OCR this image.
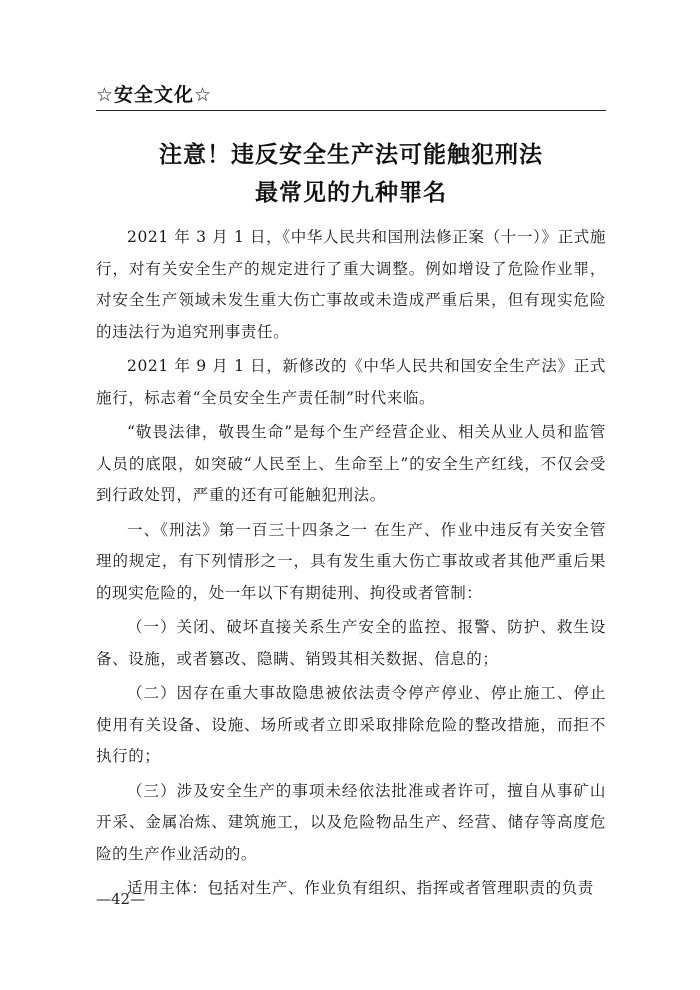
☆安全文化☆
注意！违反安全生产法可能触犯刑法
最常见的九种罪名

2021 年 3 月 1 日，《中华人民共和国刑法修正案（十一）》正式施行，对有关安全生产的规定进行了重大调整。例如增设了危险作业罪，对安全生产领域未发生重大伤亡事故或未造成严重后果，但有现实危险的违法行为追究刑事责任。

2021 年 9 月 1 日，新修改的《中华人民共和国安全生产法》正式施行，标志着“全员安全生产责任制”时代来临。

“敬畏法律，敬畏生命”是每个生产经营企业、相关从业人员和监管人员的底限，如突破“人民至上、生命至上”的安全生产红线，不仅会受到行政处罚，严重的还有可能触犯刑法。

一、《刑法》第一百三十四条之一 在生产、作业中违反有关安全管理的规定，有下列情形之一，具有发生重大伤亡事故或者其他严重后果的现实危险的，处一年以下有期徒刑、拘役或者管制：

（一）关闭、破坏直接关系生产安全的监控、报警、防护、救生设备、设施，或者篡改、隐瞒、销毁其相关数据、信息的；

（二）因存在重大事故隐患被依法责令停产停业、停止施工、停止使用有关设备、设施、场所或者立即采取排除危险的整改措施，而拒不执行的；

（三）涉及安全生产的事项未经依法批准或者许可，擅自从事矿山开采、金属冶炼、建筑施工，以及危险物品生产、经营、储存等高度危险的生产作业活动的。

适用主体：包括对生产、作业负有组织、指挥或者管理职责的负责

—42—
